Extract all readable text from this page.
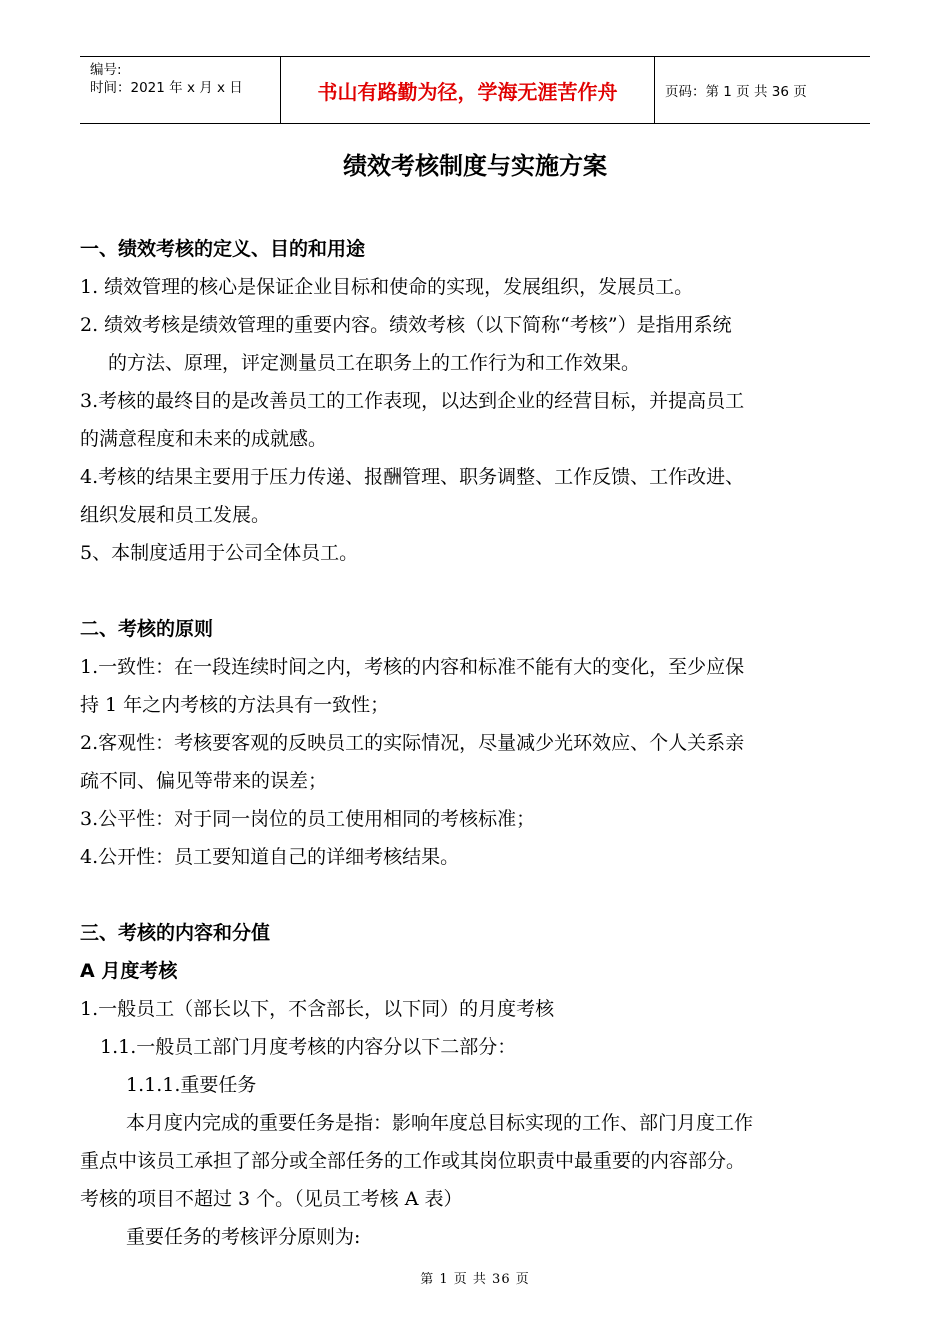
编号:
时间：2021 年 x 月 x 日	书山有路勤为径，学海无涯苦作舟	页码：第 1 页 共 36 页
绩效考核制度与实施方案
一、绩效考核的定义、目的和用途
1. 绩效管理的核心是保证企业目标和使命的实现，发展组织，发展员工。
2. 绩效考核是绩效管理的重要内容。绩效考核（以下简称“考核”）是指用系统
的方法、原理，评定测量员工在职务上的工作行为和工作效果。
3.考核的最终目的是改善员工的工作表现，以达到企业的经营目标，并提高员工
的满意程度和未来的成就感。
4.考核的结果主要用于压力传递、报酬管理、职务调整、工作反馈、工作改进、
组织发展和员工发展。
5、本制度适用于公司全体员工。
二、考核的原则
1.一致性：在一段连续时间之内，考核的内容和标准不能有大的变化，至少应保
持 1 年之内考核的方法具有一致性；
2.客观性：考核要客观的反映员工的实际情况，尽量减少光环效应、个人关系亲
疏不同、偏见等带来的误差；
3.公平性：对于同一岗位的员工使用相同的考核标准；
4.公开性：员工要知道自己的详细考核结果。
三、考核的内容和分值
A 月度考核
1.一般员工（部长以下，不含部长，以下同）的月度考核
1.1.一般员工部门月度考核的内容分以下二部分：
1.1.1.重要任务
本月度内完成的重要任务是指：影响年度总目标实现的工作、部门月度工作
重点中该员工承担了部分或全部任务的工作或其岗位职责中最重要的内容部分。
考核的项目不超过 3 个。（见员工考核 A 表）
重要任务的考核评分原则为:
第 1 页 共 36 页
